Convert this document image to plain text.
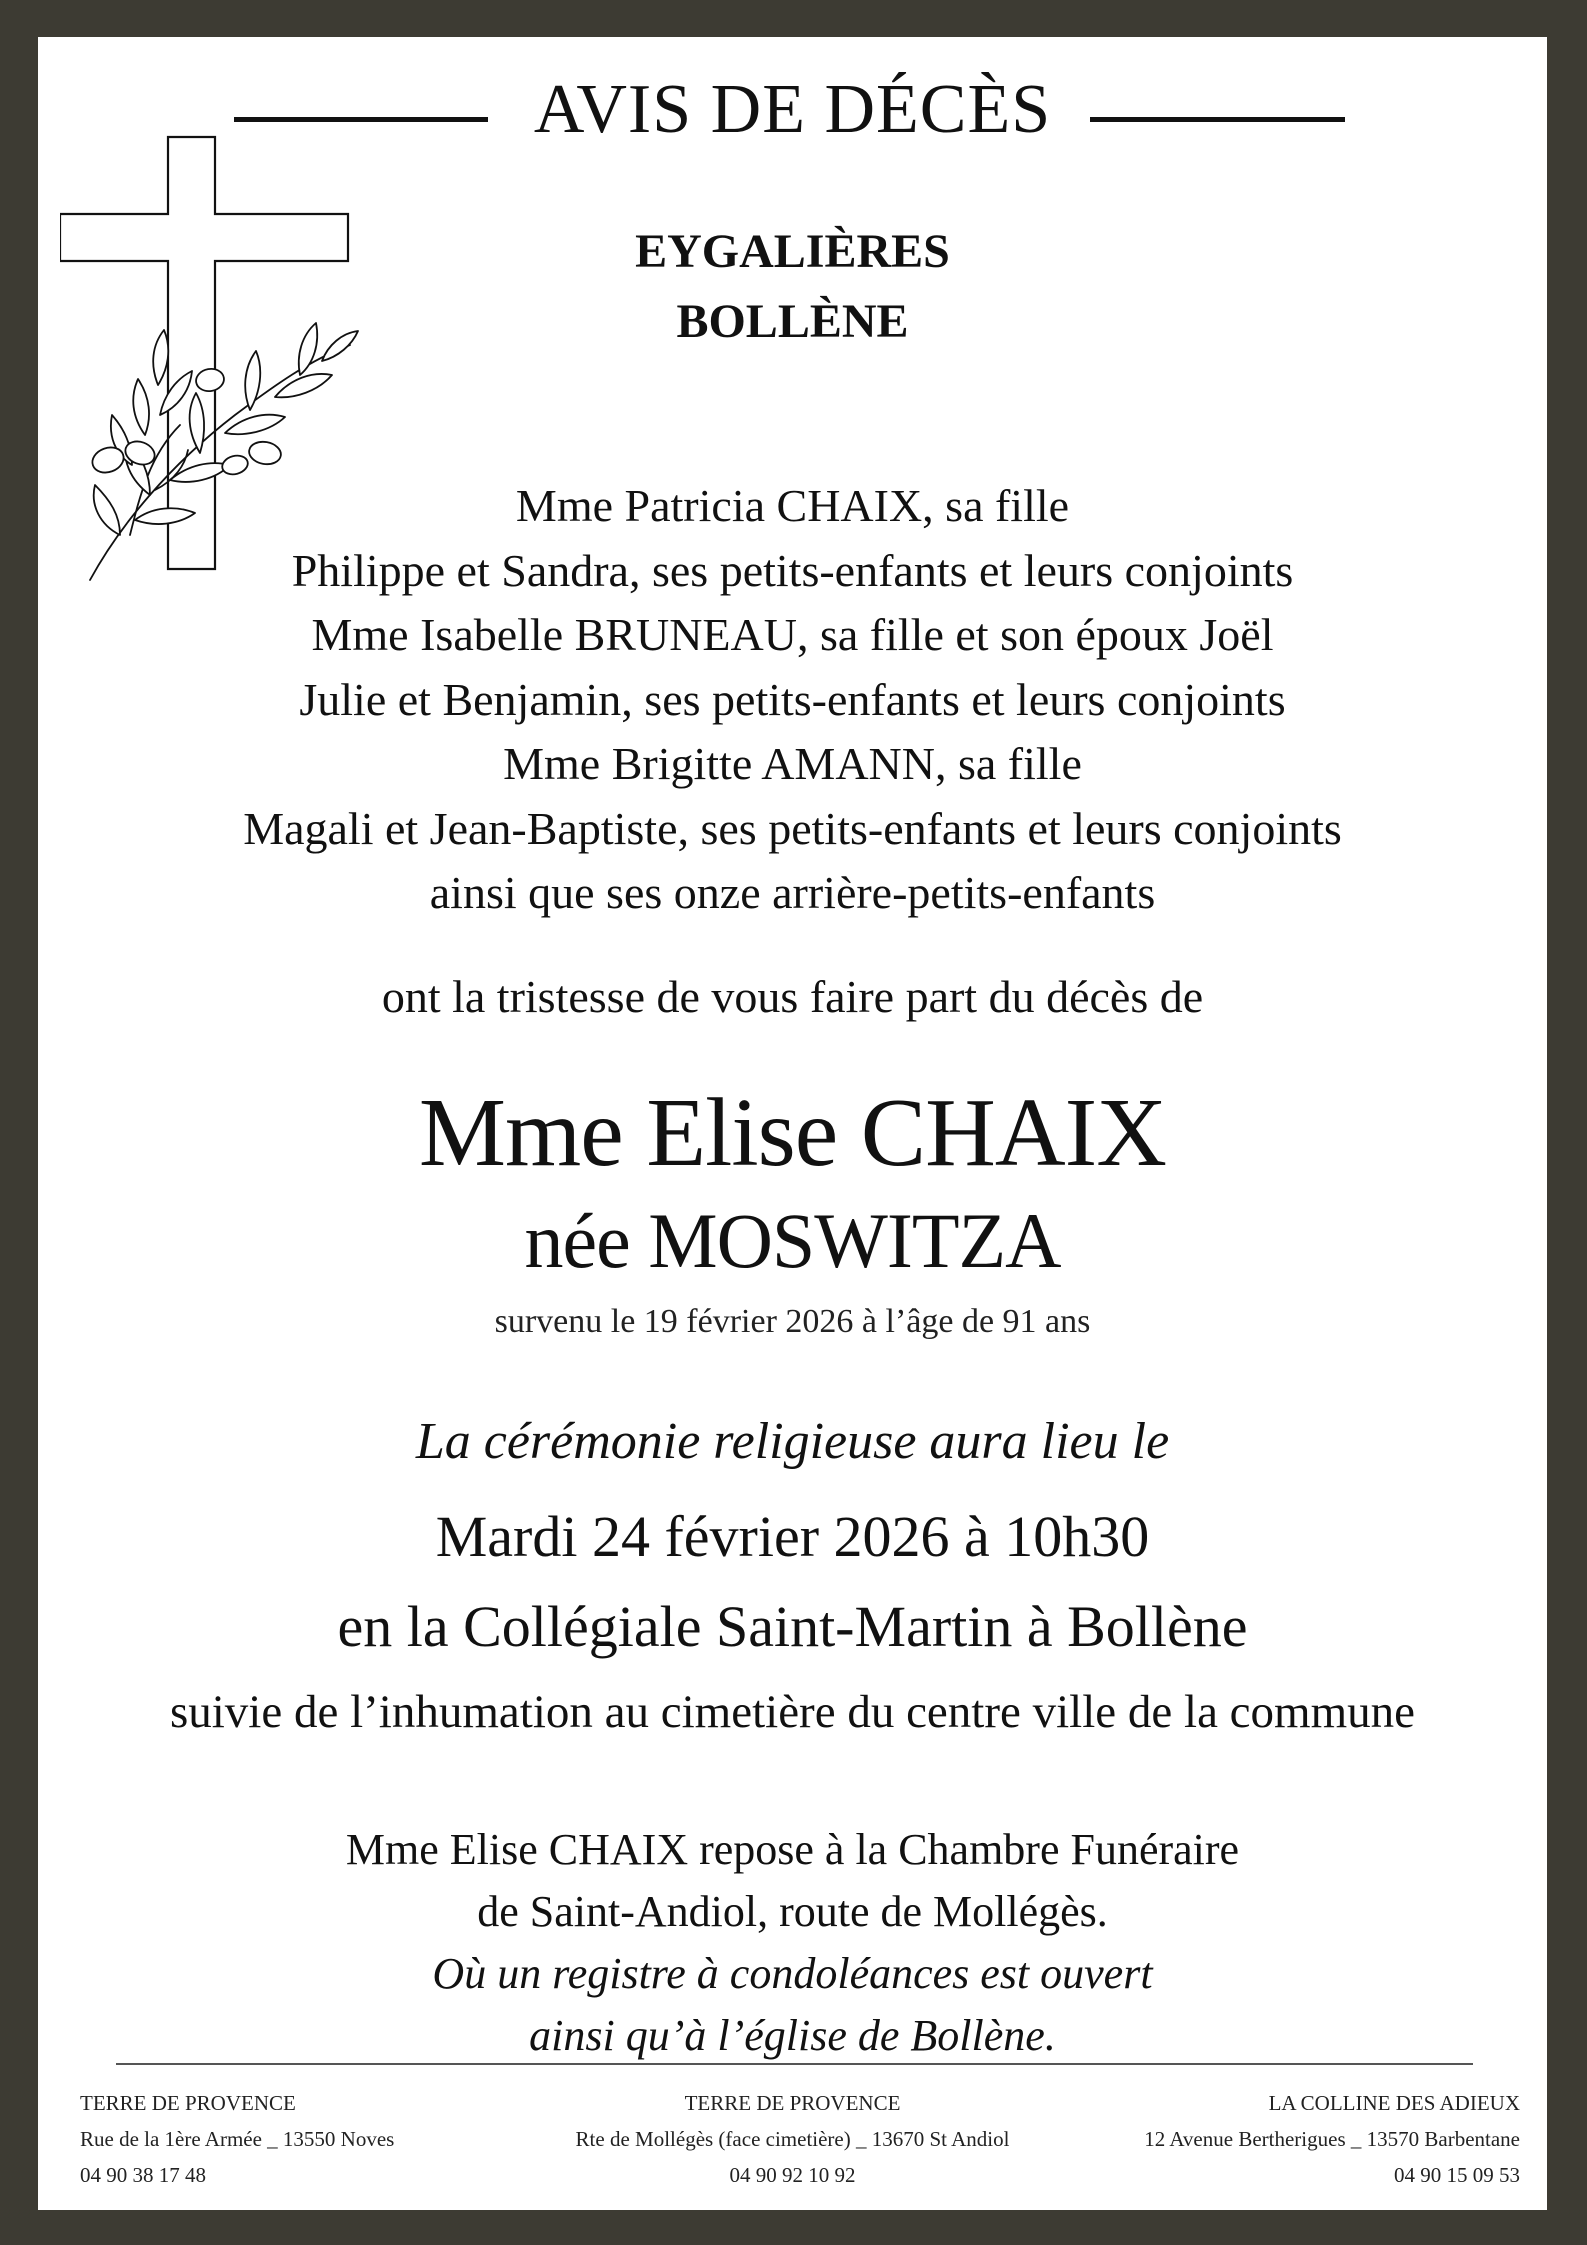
AVIS DE DÉCÈS
EYGALIÈRES
BOLLÈNE
Mme Patricia CHAIX, sa fille
Philippe et Sandra, ses petits-enfants et leurs conjoints
Mme Isabelle BRUNEAU, sa fille et son époux Joël
Julie et Benjamin, ses petits-enfants et leurs conjoints
Mme Brigitte AMANN, sa fille
Magali et Jean-Baptiste, ses petits-enfants et leurs conjoints
ainsi que ses onze arrière-petits-enfants
ont la tristesse de vous faire part du décès de
Mme Elise CHAIX
née MOSWITZA
survenu le 19 février 2026 à l’âge de 91 ans
La cérémonie religieuse aura lieu le
Mardi 24 février 2026 à 10h30
en la Collégiale Saint-Martin à Bollène
suivie de l’inhumation au cimetière du centre ville de la commune
Mme Elise CHAIX repose à la Chambre Funéraire
de Saint-Andiol, route de Mollégès.
Où un registre à condoléances est ouvert
ainsi qu’à l’église de Bollène.
TERRE DE PROVENCE
Rue de la 1ère Armée _ 13550 Noves
04 90 38 17 48
TERRE DE PROVENCE
Rte de Mollégès (face cimetière) _ 13670 St Andiol
04 90 92 10 92
LA COLLINE DES ADIEUX
12 Avenue Bertherigues _ 13570 Barbentane
04 90 15 09 53
